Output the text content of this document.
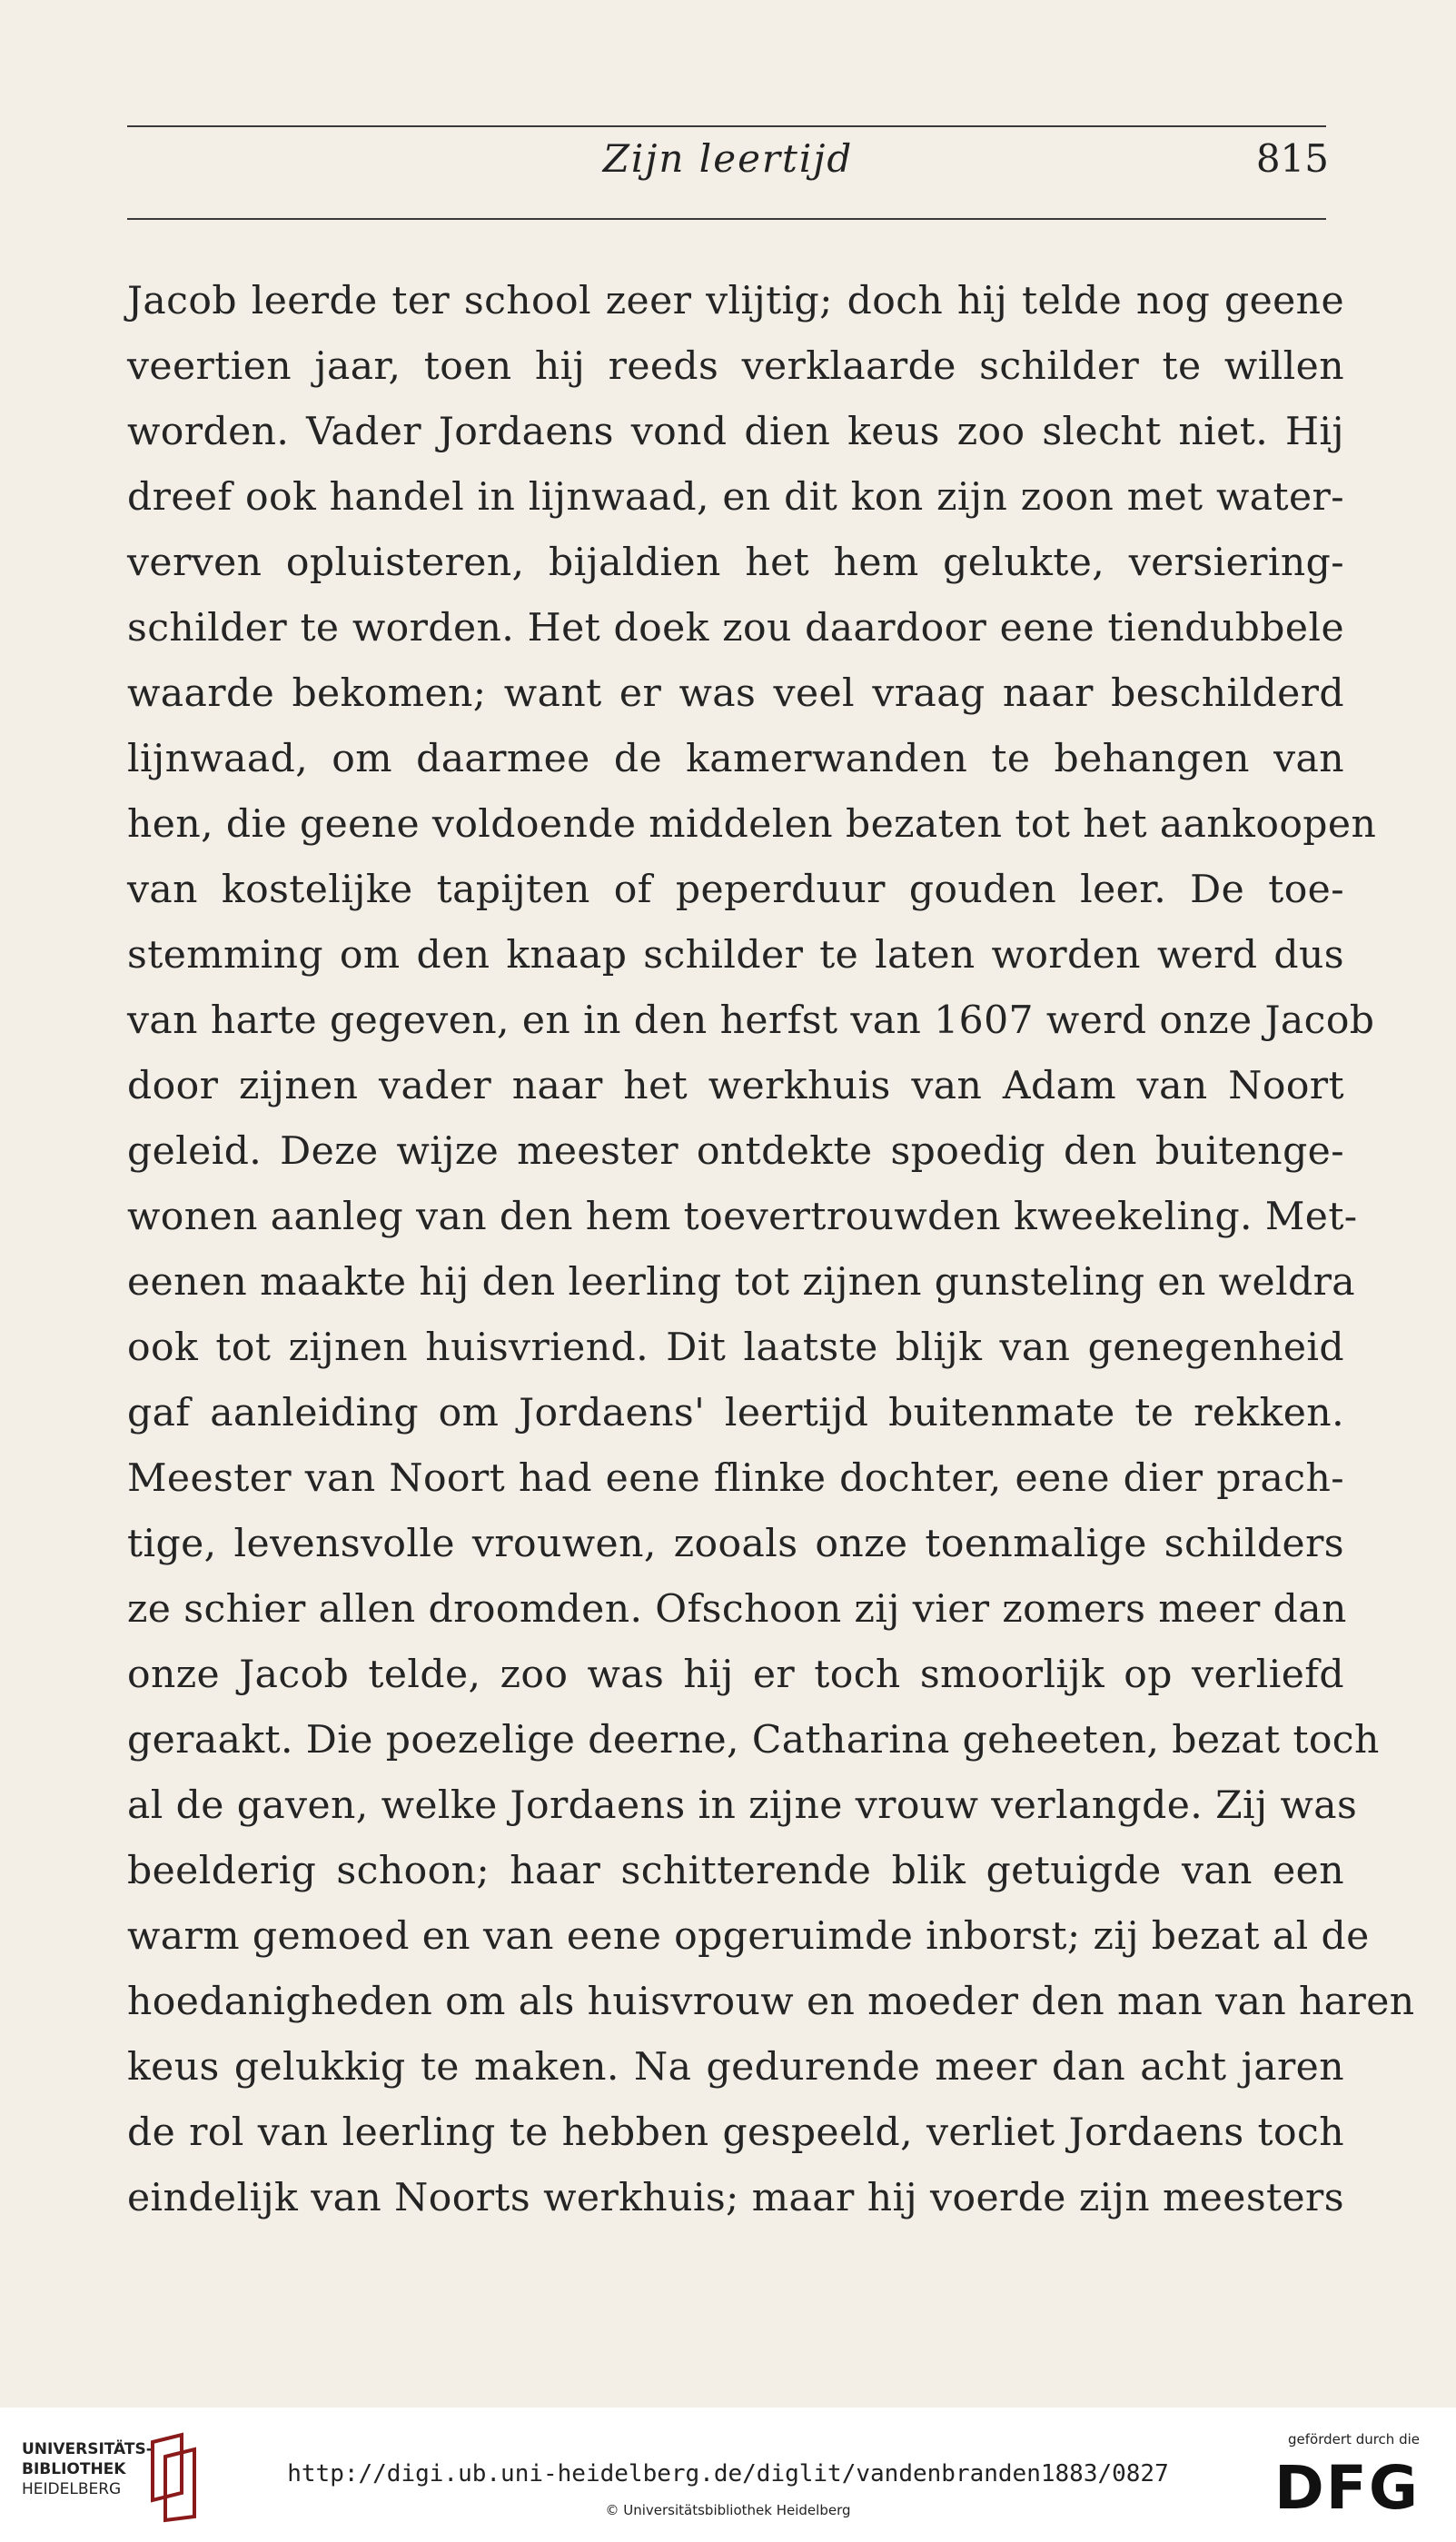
Zijn leertijd	815
Jacob leerde ter school zeer vlijtig; doch hij telde nog geene
veertien jaar, toen hij reeds verklaarde schilder te willen
worden. Vader Jordaens vond dien keus zoo slecht niet. Hij
dreef ook handel in lijnwaad, en dit kon zijn zoon met water-
verven opluisteren, bijaldien het hem gelukte, versiering-
schilder te worden. Het doek zou daardoor eene tiendubbele
waarde bekomen; want er was veel vraag naar beschilderd
lijnwaad, om daarmee de kamerwanden te behangen van
hen, die geene voldoende middelen bezaten tot het aankoopen
van kostelijke tapijten of peperduur gouden leer. De toe-
stemming om den knaap schilder te laten worden werd dus
van harte gegeven, en in den herfst van 1607 werd onze Jacob
door zijnen vader naar het werkhuis van Adam van Noort
geleid. Deze wijze meester ontdekte spoedig den buitenge-
wonen aanleg van den hem toevertrouwden kweekeling. Met-
eenen maakte hij den leerling tot zijnen gunsteling en weldra
ook tot zijnen huisvriend. Dit laatste blijk van genegenheid
gaf aanleiding om Jordaens' leertijd buitenmate te rekken.
Meester van Noort had eene flinke dochter, eene dier prach-
tige, levensvolle vrouwen, zooals onze toenmalige schilders
ze schier allen droomden. Ofschoon zij vier zomers meer dan
onze Jacob telde, zoo was hij er toch smoorlijk op verliefd
geraakt. Die poezelige deerne, Catharina geheeten, bezat toch
al de gaven, welke Jordaens in zijne vrouw verlangde. Zij was
beelderig schoon; haar schitterende blik getuigde van een
warm gemoed en van eene opgeruimde inborst; zij bezat al de
hoedanigheden om als huisvrouw en moeder den man van haren
keus gelukkig te maken. Na gedurende meer dan acht jaren
de rol van leerling te hebben gespeeld, verliet Jordaens toch
eindelijk van Noorts werkhuis; maar hij voerde zijn meesters
UNIVERSITÄTS-
BIBLIOTHEK
HEIDELBERG
http://digi.ub.uni-heidelberg.de/diglit/vandenbranden1883/0827
© Universitätsbibliothek Heidelberg
gefördert durch die
DFG
